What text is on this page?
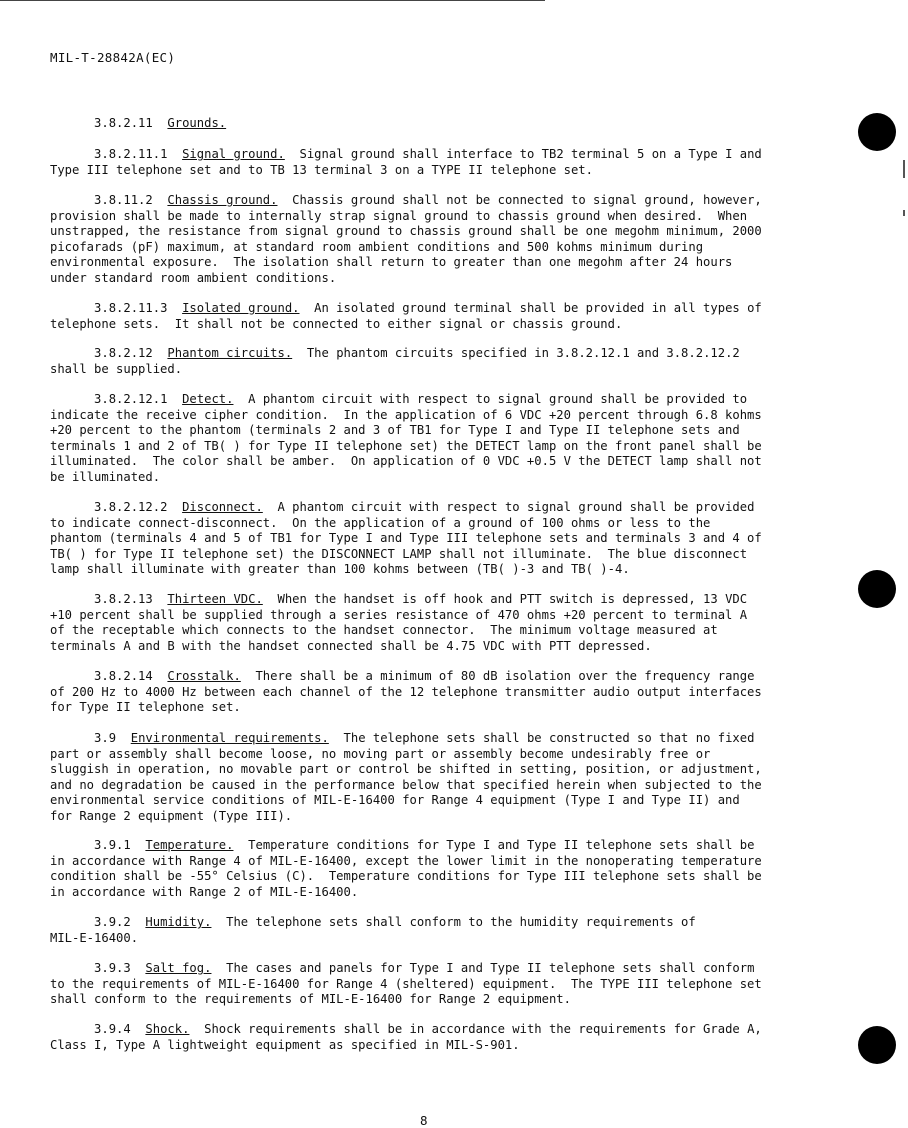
MIL-T-28842A(EC)
3.8.2.11 Grounds.
3.8.2.11.1 Signal ground.  Signal ground shall interface to TB2 terminal 5 on a Type I and
Type III telephone set and to TB 13 terminal 3 on a TYPE II telephone set.
3.8.11.2 Chassis ground.  Chassis ground shall not be connected to signal ground, however,
provision shall be made to internally strap signal ground to chassis ground when desired.  When
unstrapped, the resistance from signal ground to chassis ground shall be one megohm minimum, 2000
picofarads (pF) maximum, at standard room ambient conditions and 500 kohms minimum during
environmental exposure.  The isolation shall return to greater than one megohm after 24 hours
under standard room ambient conditions.
3.8.2.11.3 Isolated ground.  An isolated ground terminal shall be provided in all types of
telephone sets.  It shall not be connected to either signal or chassis ground.
3.8.2.12 Phantom circuits.  The phantom circuits specified in 3.8.2.12.1 and 3.8.2.12.2
shall be supplied.
3.8.2.12.1 Detect.  A phantom circuit with respect to signal ground shall be provided to
indicate the receive cipher condition.  In the application of 6 VDC +20 percent through 6.8 kohms
+20 percent to the phantom (terminals 2 and 3 of TB1 for Type I and Type II telephone sets and
terminals 1 and 2 of TB( ) for Type II telephone set) the DETECT lamp on the front panel shall be
illuminated.  The color shall be amber.  On application of 0 VDC +0.5 V the DETECT lamp shall not
be illuminated.
3.8.2.12.2 Disconnect.  A phantom circuit with respect to signal ground shall be provided
to indicate connect-disconnect.  On the application of a ground of 100 ohms or less to the
phantom (terminals 4 and 5 of TB1 for Type I and Type III telephone sets and terminals 3 and 4 of
TB( ) for Type II telephone set) the DISCONNECT LAMP shall not illuminate.  The blue disconnect
lamp shall illuminate with greater than 100 kohms between (TB( )-3 and TB( )-4.
3.8.2.13 Thirteen VDC.  When the handset is off hook and PTT switch is depressed, 13 VDC
+10 percent shall be supplied through a series resistance of 470 ohms +20 percent to terminal A
of the receptable which connects to the handset connector.  The minimum voltage measured at
terminals A and B with the handset connected shall be 4.75 VDC with PTT depressed.
3.8.2.14 Crosstalk.  There shall be a minimum of 80 dB isolation over the frequency range
of 200 Hz to 4000 Hz between each channel of the 12 telephone transmitter audio output interfaces
for Type II telephone set.
3.9 Environmental requirements.  The telephone sets shall be constructed so that no fixed
part or assembly shall become loose, no moving part or assembly become undesirably free or
sluggish in operation, no movable part or control be shifted in setting, position, or adjustment,
and no degradation be caused in the performance below that specified herein when subjected to the
environmental service conditions of MIL-E-16400 for Range 4 equipment (Type I and Type II) and
for Range 2 equipment (Type III).
3.9.1 Temperature.  Temperature conditions for Type I and Type II telephone sets shall be
in accordance with Range 4 of MIL-E-16400, except the lower limit in the nonoperating temperature
condition shall be -55° Celsius (C).  Temperature conditions for Type III telephone sets shall be
in accordance with Range 2 of MIL-E-16400.
3.9.2 Humidity.  The telephone sets shall conform to the humidity requirements of
MIL-E-16400.
3.9.3 Salt fog.  The cases and panels for Type I and Type II telephone sets shall conform
to the requirements of MIL-E-16400 for Range 4 (sheltered) equipment.  The TYPE III telephone set
shall conform to the requirements of MIL-E-16400 for Range 2 equipment.
3.9.4 Shock.  Shock requirements shall be in accordance with the requirements for Grade A,
Class I, Type A lightweight equipment as specified in MIL-S-901.
8
